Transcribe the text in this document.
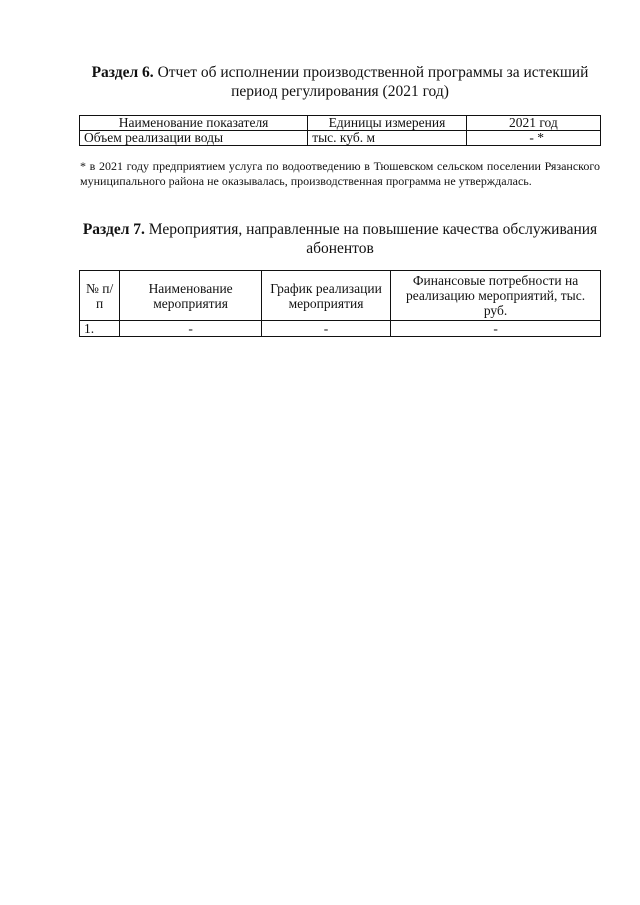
Раздел 6. Отчет об исполнении производственной программы за истекший период регулирования (2021 год)
Наименование показателя	Единицы измерения	2021 год
Объем реализации воды	тыс. куб. м	- *
* в 2021 году предприятием услуга по водоотведению в Тюшевском сельском поселении Рязанского муниципального района не оказывалась, производственная программа не утверждалась.
Раздел 7. Мероприятия, направленные на повышение качества обслуживания абонентов
№ п/п	Наименование мероприятия	График реализации мероприятия	Финансовые потребности на реализацию мероприятий, тыс. руб.
1.	-	-	-
